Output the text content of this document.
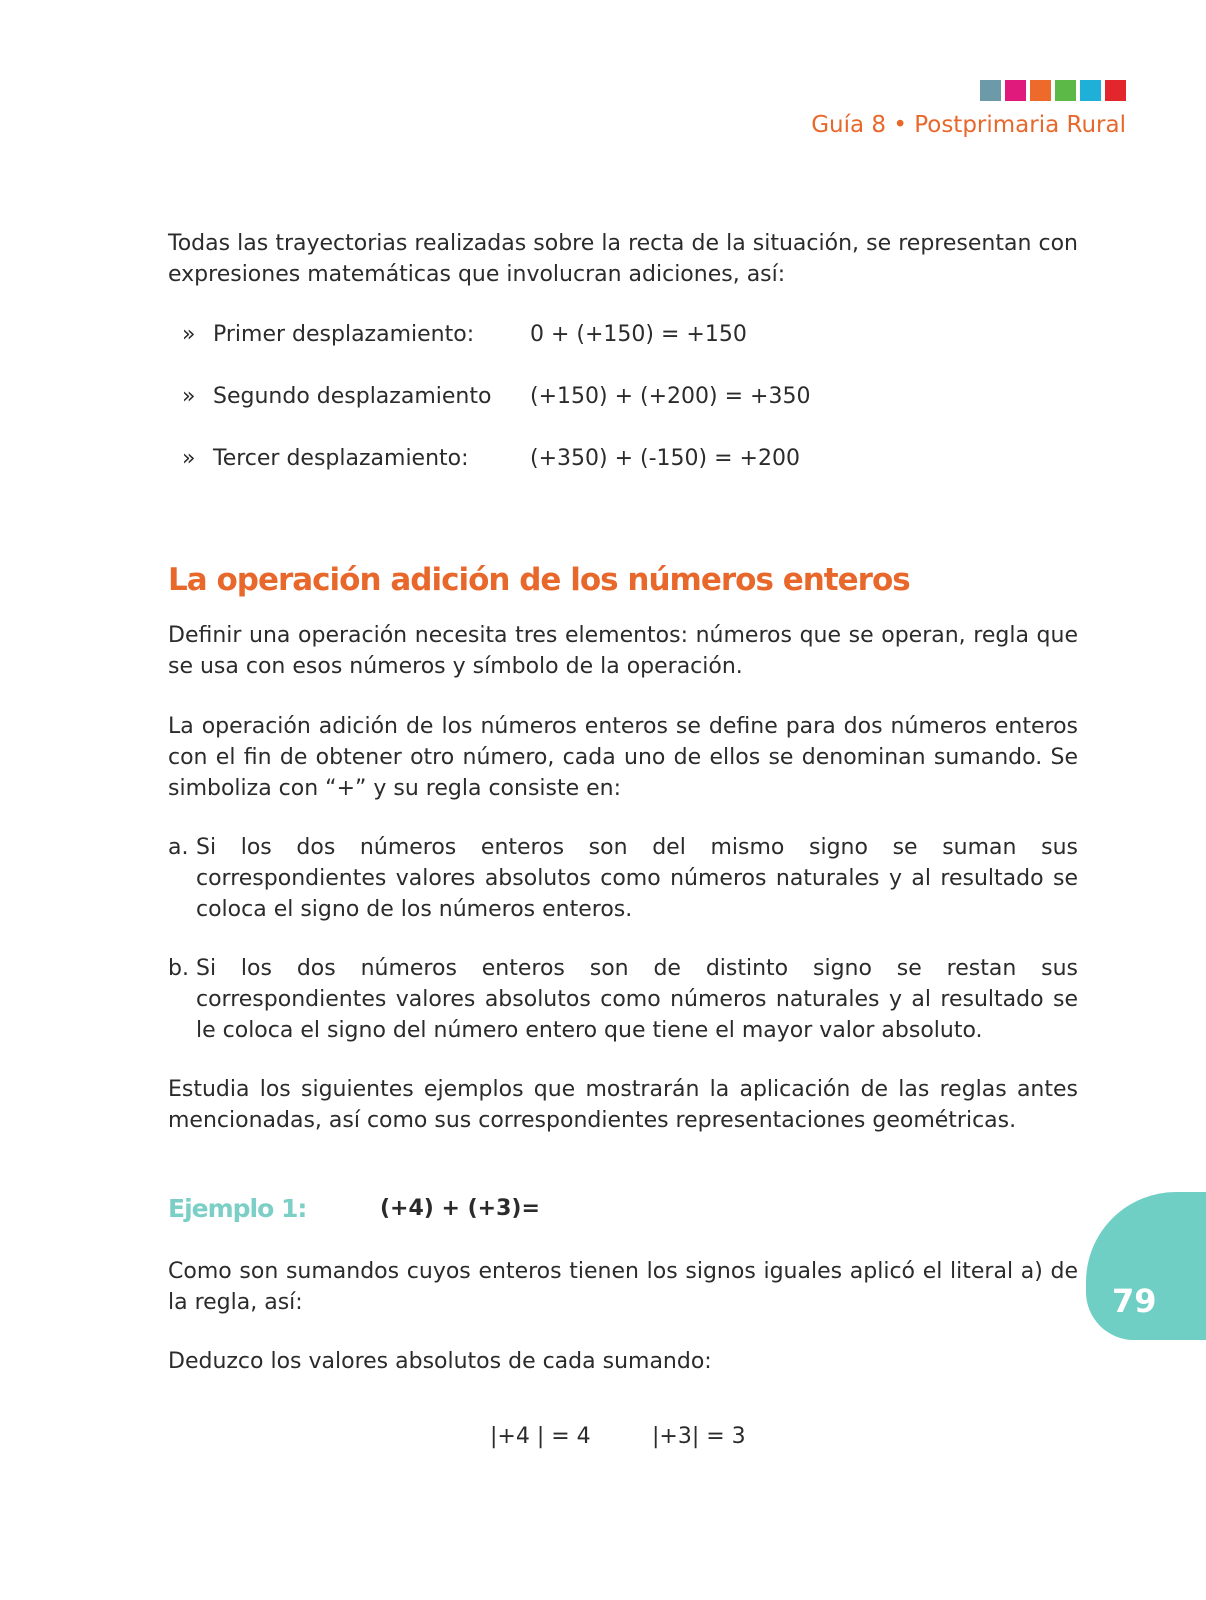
Guía 8 • Postprimaria Rural

Todas las trayectorias realizadas sobre la recta de la situación, se representan con expresiones matemáticas que involucran adiciones, así:

» Primer desplazamiento:	0 + (+150) = +150
» Segundo desplazamiento (+150) + (+200) = +350
» Tercer desplazamiento:	(+350) + (-150) = +200
La operación adición de los números enteros

Definir una operación necesita tres elementos: números que se operan, regla que se usa con esos números y símbolo de la operación.

La operación adición de los números enteros se define para dos números enteros con el fin de obtener otro número, cada uno de ellos se denominan sumando. Se simboliza con “+” y su regla consiste en:

a. Si los dos números enteros son del mismo signo se suman sus correspondientes valores absolutos como números naturales y al resultado se coloca el signo de los números enteros.

b. Si los dos números enteros son de distinto signo se restan sus correspondientes valores absolutos como números naturales y al resultado se le coloca el signo del número entero que tiene el mayor valor absoluto.

Estudia los siguientes ejemplos que mostrarán la aplicación de las reglas antes mencionadas, así como sus correspondientes representaciones geométricas.

Ejemplo 1:	(+4) + (+3)=

Como son sumandos cuyos enteros tienen los signos iguales aplicó el literal a) de la regla, así:

Deduzco los valores absolutos de cada sumando:

|+4 | = 4	|+3| = 3
79
